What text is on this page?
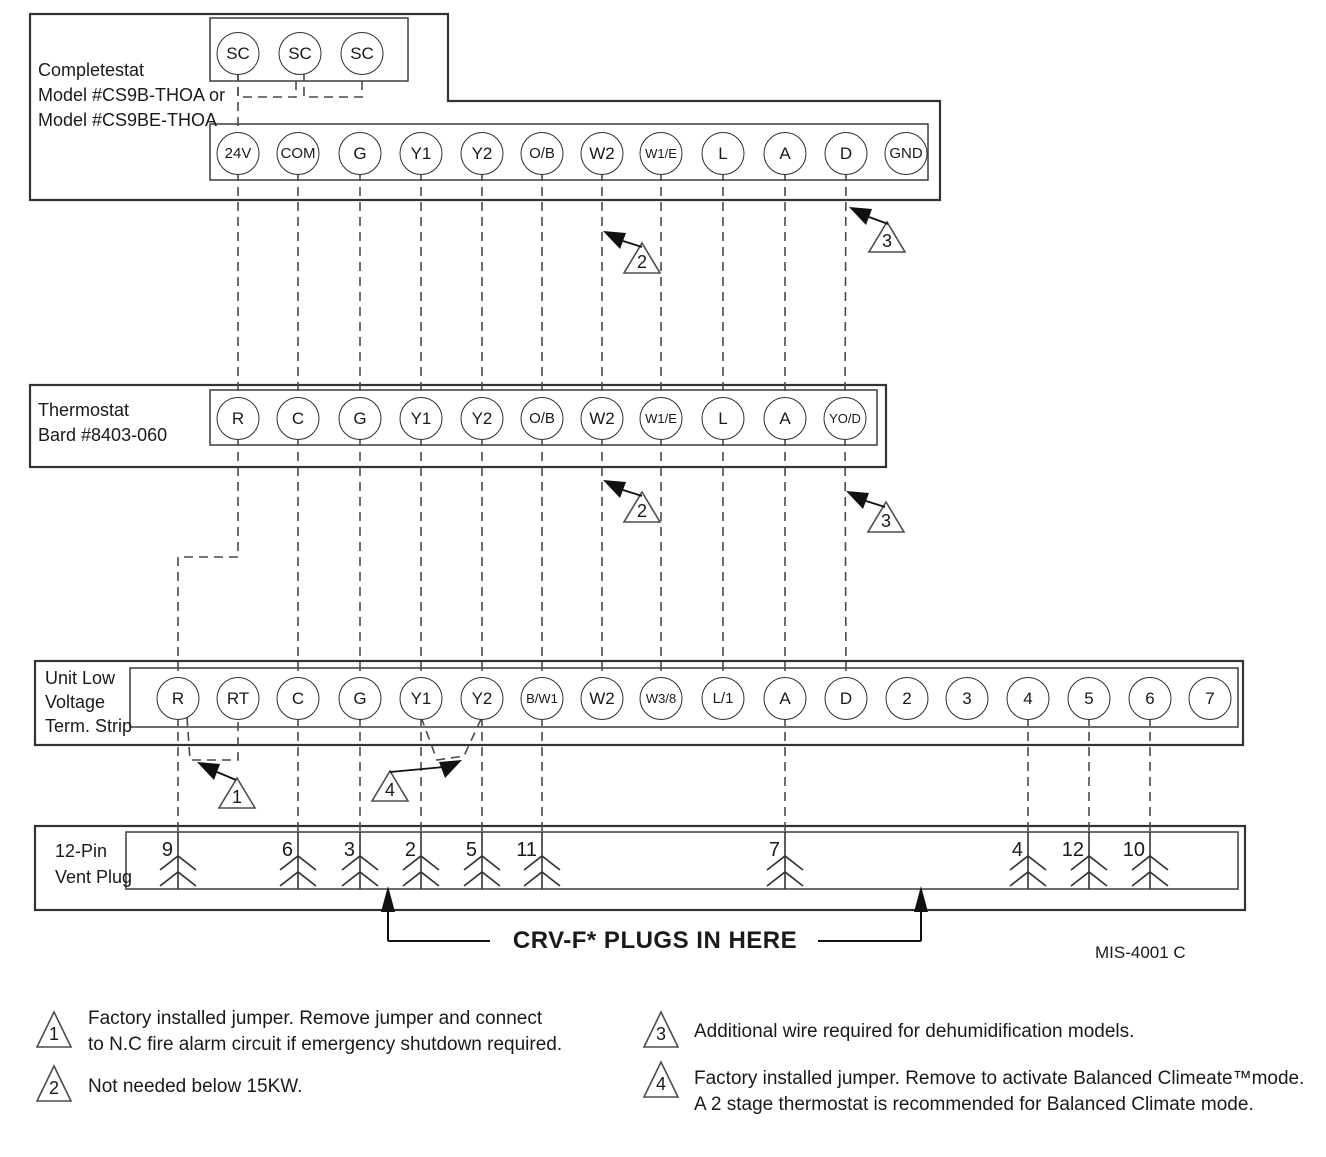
Completestat
Model #CS9B-THOA or
Model #CS9BE-THOA
Thermostat
Bard #8403-060
Unit Low
Voltage
Term. Strip
12-Pin
Vent Plug
SC	SC	SC
24V	COM	G	Y1	Y2	O/B	W2	W1/E	L	A	D	GND
R	C	G	Y1	Y2	O/B	W2	W1/E	L	A	YO/D
R	RT	C	G	Y1	Y2	B/W1	W2	W3/8	L/1	A	D	2	3	4	5	6	7
9	6	3 2 5 11	7	4 12 10
2
3
2	3
1	4
CRV-F* PLUGS IN HERE	MIS-4001 C
1
Factory installed jumper. Remove jumper and connect
to N.C fire alarm circuit if emergency shutdown required.
2	Not needed below 15KW.
3	Additional wire required for dehumidification models.
4	Factory installed jumper. Remove to activate Balanced Climeate™mode.
A 2 stage thermostat is recommended for Balanced Climate mode.
